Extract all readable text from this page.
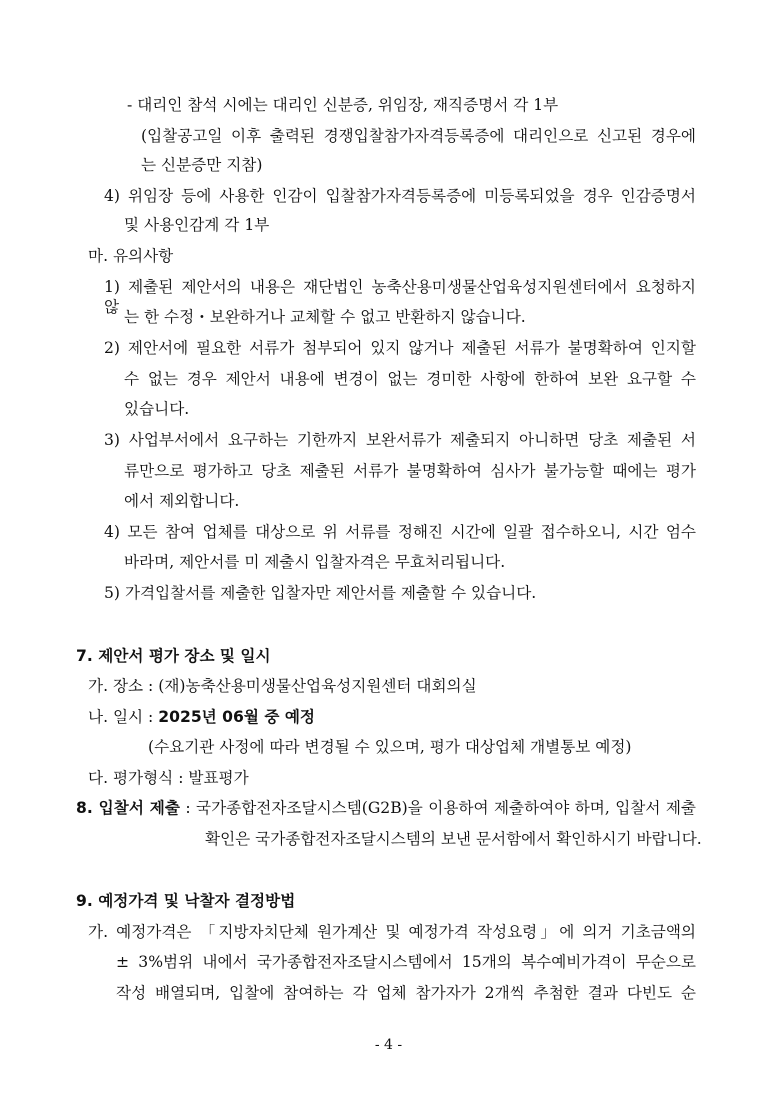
- 대리인 참석 시에는 대리인 신분증, 위임장, 재직증명서 각 1부
(입찰공고일 이후 출력된 경쟁입찰참가자격등록증에 대리인으로 신고된 경우에
는 신분증만 지참)
4) 위임장 등에 사용한 인감이 입찰참가자격등록증에 미등록되었을 경우 인감증명서
및 사용인감계 각 1부
마. 유의사항
1) 제출된 제안서의 내용은 재단법인 농축산용미생물산업육성지원센터에서 요청하지 않
는 한 수정・보완하거나 교체할 수 없고 반환하지 않습니다.
2) 제안서에 필요한 서류가 첨부되어 있지 않거나 제출된 서류가 불명확하여 인지할
수 없는 경우 제안서 내용에 변경이 없는 경미한 사항에 한하여 보완 요구할 수
있습니다.
3) 사업부서에서 요구하는 기한까지 보완서류가 제출되지 아니하면 당초 제출된 서
류만으로 평가하고 당초 제출된 서류가 불명확하여 심사가 불가능할 때에는 평가
에서 제외합니다.
4) 모든 참여 업체를 대상으로 위 서류를 정해진 시간에 일괄 접수하오니, 시간 엄수
바라며, 제안서를 미 제출시 입찰자격은 무효처리됩니다.
5) 가격입찰서를 제출한 입찰자만 제안서를 제출할 수 있습니다.
7. 제안서 평가 장소 및 일시
가. 장소 : (재)농축산용미생물산업육성지원센터 대회의실
나. 일시 : 2025년 06월 중 예정
(수요기관 사정에 따라 변경될 수 있으며, 평가 대상업체 개별통보 예정)
다. 평가형식 : 발표평가
8. 입찰서 제출 : 국가종합전자조달시스템(G2B)을 이용하여 제출하여야 하며, 입찰서 제출
확인은 국가종합전자조달시스템의 보낸 문서함에서 확인하시기 바랍니다.
9. 예정가격 및 낙찰자 결정방법
가. 예정가격은 「지방자치단체 원가계산 및 예정가격 작성요령」에 의거 기초금액의
± 3%범위 내에서 국가종합전자조달시스템에서 15개의 복수예비가격이 무순으로
작성 배열되며, 입찰에 참여하는 각 업체 참가자가 2개씩 추첨한 결과 다빈도 순
- 4 -
